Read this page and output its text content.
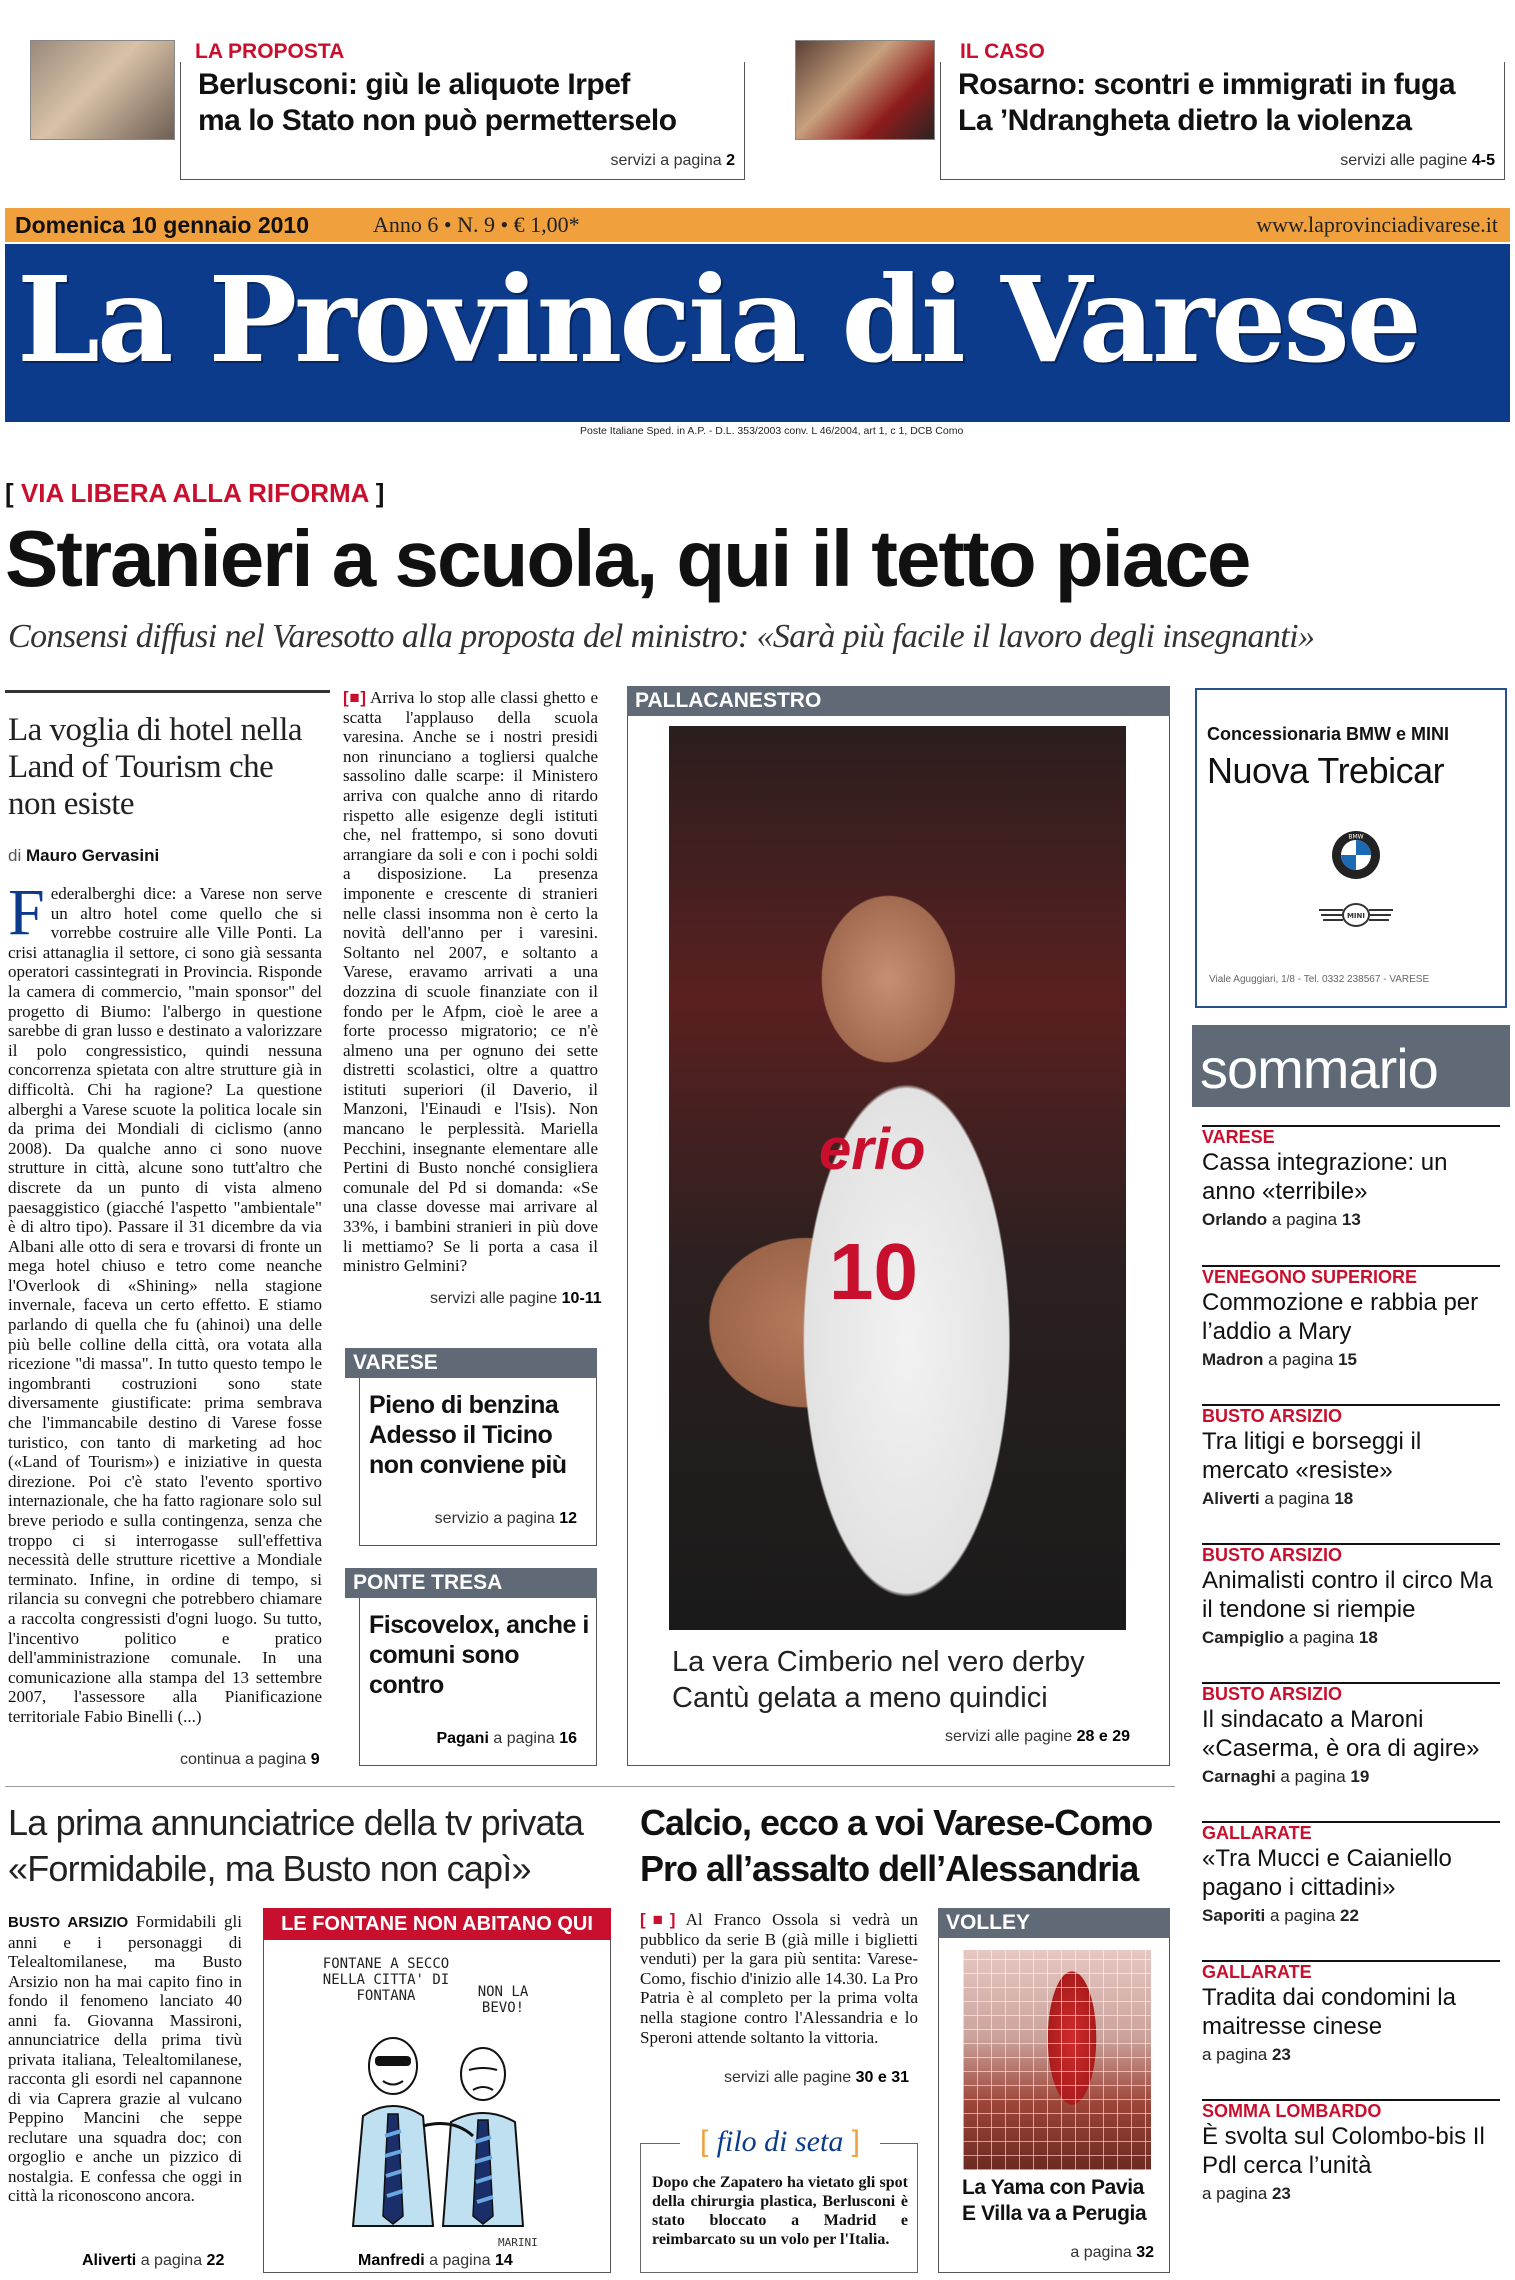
LA PROPOSTA
Berlusconi: giù le aliquote Irpef
ma lo Stato non può permetterselo
servizi a pagina 2
IL CASO
Rosarno: scontri e immigrati in fuga
La ’Ndrangheta dietro la violenza
servizi alle pagine 4-5
Domenica 10 gennaio 2010	Anno 6 • N. 9 • € 1,00*	www.laprovinciadivarese.it
La Provincia di Varese
Poste Italiane Sped. in A.P. - D.L. 353/2003 conv. L 46/2004, art 1, c 1, DCB Como
[ VIA LIBERA ALLA RIFORMA ]
Stranieri a scuola, qui il tetto piace
Consensi diffusi nel Varesotto alla proposta del ministro: «Sarà più facile il lavoro degli insegnanti»
La voglia di hotel nella Land of Tourism che non esiste
di Mauro Gervasini
Federalberghi dice: a Varese non serve un altro hotel come quello che si vorrebbe costruire alle Ville Ponti. La crisi attanaglia il settore, ci sono già sessanta operatori cassintegrati in Provincia. Risponde la camera di commercio, "main sponsor" del progetto di Biumo: l'albergo in questione sarebbe di gran lusso e destinato a valorizzare il polo congressistico, quindi nessuna concorrenza spietata con altre strutture già in difficoltà. Chi ha ragione? La questione alberghi a Varese scuote la politica locale sin da prima dei Mondiali di ciclismo (anno 2008). Da qualche anno ci sono nuove strutture in città, alcune sono tutt'altro che discrete da un punto di vista almeno paesaggistico (giacché l'aspetto "ambientale" è di altro tipo). Passare il 31 dicembre da via Albani alle otto di sera e trovarsi di fronte un mega hotel chiuso e tetro come neanche l'Overlook di «Shining» nella stagione invernale, faceva un certo effetto. E stiamo parlando di quella che fu (ahinoi) una delle più belle colline della città, ora votata alla ricezione "di massa". In tutto questo tempo le ingombranti costruzioni sono state diversamente giustificate: prima sembrava che l'immancabile destino di Varese fosse turistico, con tanto di marketing ad hoc («Land of Tourism») e iniziative in questa direzione. Poi c'è stato l'evento sportivo internazionale, che ha fatto ragionare solo sul breve periodo e sulla contingenza, senza che troppo ci si interrogasse sull'effettiva necessità delle strutture ricettive a Mondiale terminato. Infine, in ordine di tempo, si rilancia su convegni che potrebbero chiamare a raccolta congressisti d'ogni luogo. Su tutto, l'incentivo politico e pratico dell'amministrazione comunale. In una comunicazione alla stampa del 13 settembre 2007, l'assessore alla Pianificazione territoriale Fabio Binelli (...)
continua a pagina 9
[■] Arriva lo stop alle classi ghetto e scatta l'applauso della scuola varesina. Anche se i nostri presidi non rinunciano a togliersi qualche sassolino dalle scarpe: il Ministero arriva con qualche anno di ritardo rispetto alle esigenze degli istituti che, nel frattempo, si sono dovuti arrangiare da soli e con i pochi soldi a disposizione. La presenza imponente e crescente di stranieri nelle classi insomma non è certo la novità dell'anno per i varesini. Soltanto nel 2007, e soltanto a Varese, eravamo arrivati a una dozzina di scuole finanziate con il fondo per le Afpm, cioè le aree a forte processo migratorio; ce n'è almeno una per ognuno dei sette distretti scolastici, oltre a quattro istituti superiori (il Daverio, il Manzoni, l'Einaudi e l'Isis). Non mancano le perplessità. Mariella Pecchini, insegnante elementare alle Pertini di Busto nonché consigliera comunale del Pd si domanda: «Se una classe dovesse mai arrivare al 33%, i bambini stranieri in più dove li mettiamo? Se li porta a casa il ministro Gelmini?
servizi alle pagine 10-11
VARESE
Pieno di benzina Adesso il Ticino non conviene più
servizio a pagina 12
PONTE TRESA
Fiscovelox, anche i comuni sono contro
Pagani a pagina 16
PALLACANESTRO
erio
10
La vera Cimberio nel vero derby
Cantù gelata a meno quindici
servizi alle pagine 28 e 29
Concessionaria BMW e MINI
Nuova Trebicar
BMW
MINI
Viale Aguggiari, 1/8 - Tel. 0332 238567 - VARESE
sommario
VARESE
Cassa integrazione: un anno «terribile»
Orlando a pagina 13
VENEGONO SUPERIORE
Commozione e rabbia per l’addio a Mary
Madron a pagina 15
BUSTO ARSIZIO
Tra litigi e borseggi il mercato «resiste»
Aliverti a pagina 18
BUSTO ARSIZIO
Animalisti contro il circo Ma il tendone si riempie
Campiglio a pagina 18
BUSTO ARSIZIO
Il sindacato a Maroni «Caserma, è ora di agire»
Carnaghi a pagina 19
GALLARATE
«Tra Mucci e Caianiello pagano i cittadini»
Saporiti a pagina 22
GALLARATE
Tradita dai condomini la maitresse cinese
a pagina 23
SOMMA LOMBARDO
È svolta sul Colombo-bis Il Pdl cerca l’unità
a pagina 23
La prima annunciatrice della tv privata
«Formidabile, ma Busto non capì»
BUSTO ARSIZIO Formidabili gli anni e i personaggi di Telealtomilanese, ma Busto Arsizio non ha mai capito fino in fondo il fenomeno lanciato 40 anni fa. Giovanna Massironi, annunciatrice della prima tivù privata italiana, Telealtomilanese, racconta gli esordi nel capannone di via Caprera grazie al vulcano Peppino Mancini che seppe reclutare una squadra doc; con orgoglio e anche un pizzico di nostalgia. E confessa che oggi in città la riconoscono ancora.
Aliverti a pagina 22
LE FONTANE NON ABITANO QUI
FONTANE A SECCO NELLA CITTA' DI FONTANA	NON LA BEVO!
MARINI
Manfredi a pagina 14
Calcio, ecco a voi Varese-Como
Pro all’assalto dell’Alessandria
[■] Al Franco Ossola si vedrà un pubblico da serie B (già mille i biglietti venduti) per la gara più sentita: Varese-Como, fischio d'inizio alle 14.30. La Pro Patria è al completo per la prima volta nella stagione contro l'Alessandria e lo Speroni attende soltanto la vittoria.
servizi alle pagine 30 e 31
[ filo di seta ]
Dopo che Zapatero ha vietato gli spot della chirurgia plastica, Berlusconi è stato bloccato a Madrid e reimbarcato su un volo per l'Italia.
VOLLEY
La Yama con Pavia
E Villa va a Perugia
a pagina 32
